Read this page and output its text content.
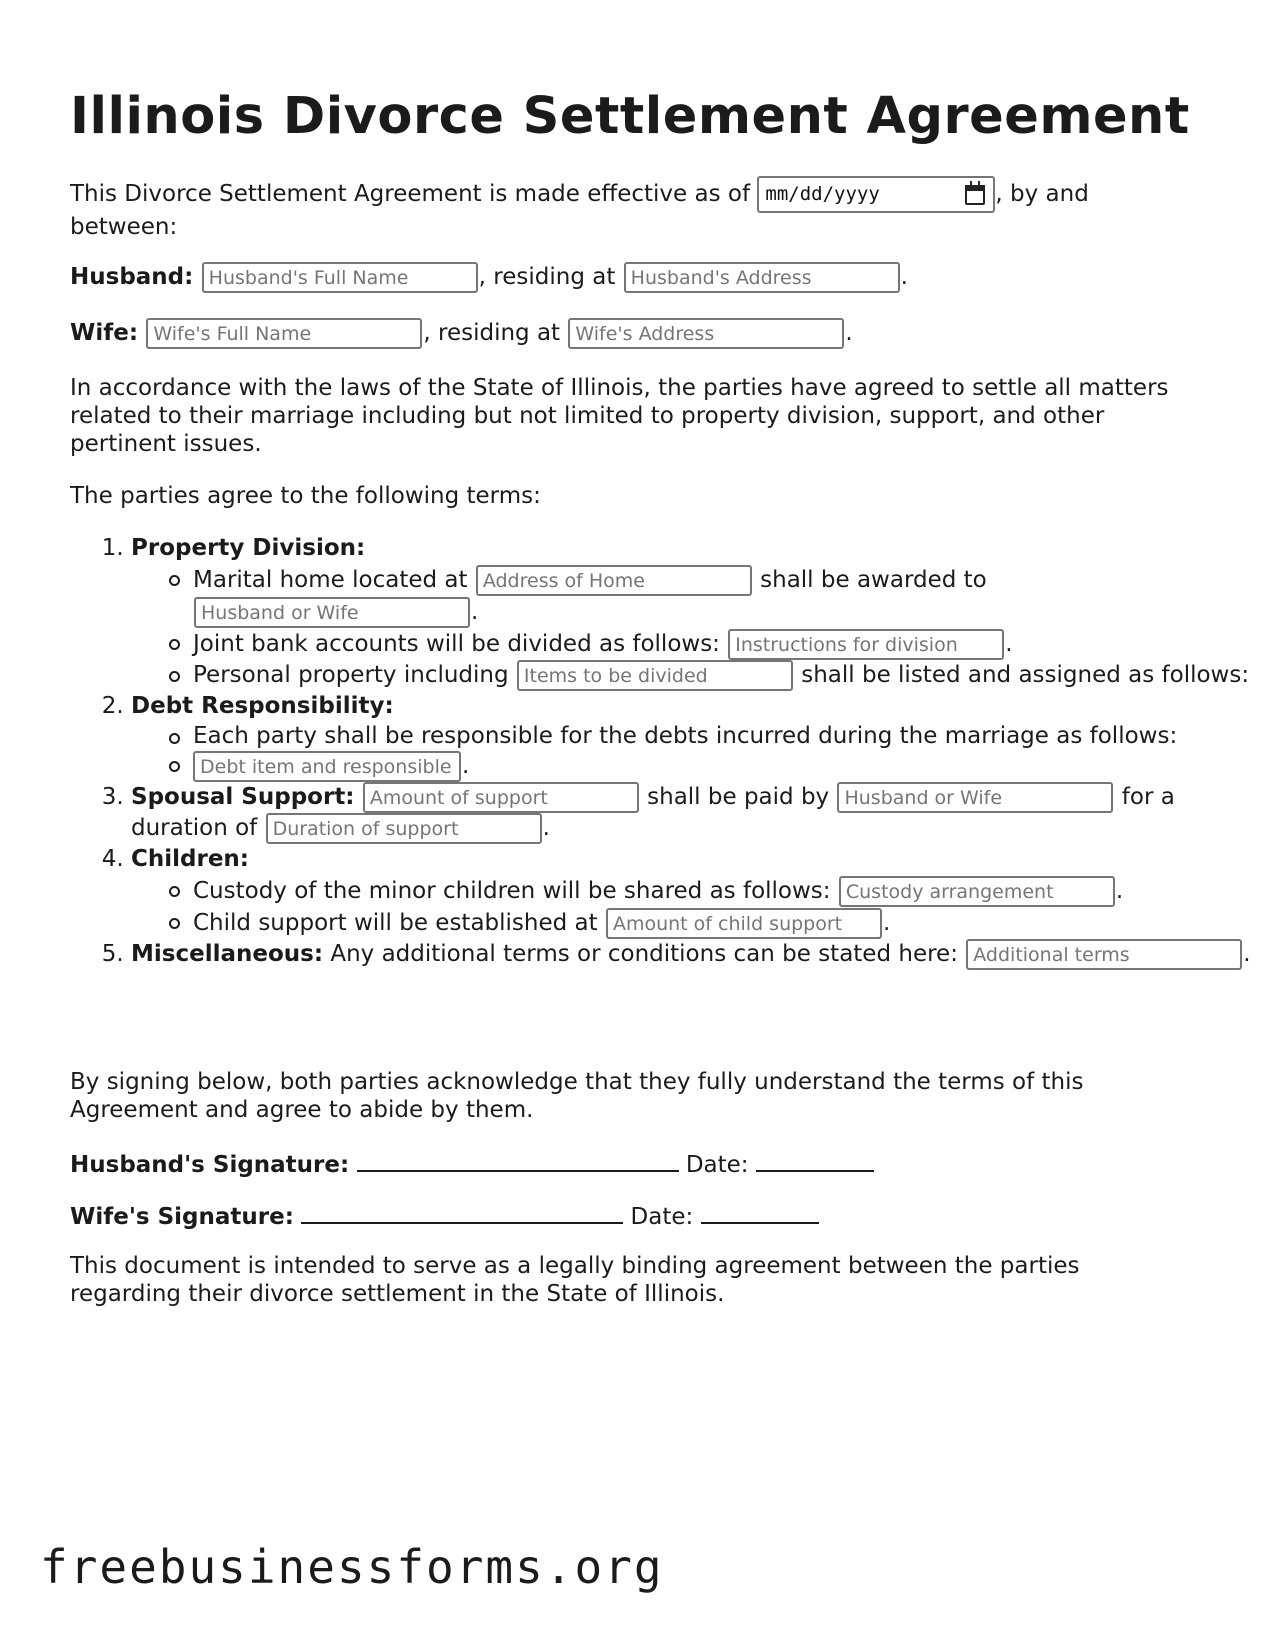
Illinois Divorce Settlement Agreement

This Divorce Settlement Agreement is made effective as of mm/dd/yyyy	, by and between:

Husband: Husband's Full Name	, residing at Husband's Address	.

Wife: Wife's Full Name	, residing at Wife's Address	.

In accordance with the laws of the State of Illinois, the parties have agreed to settle all matters related to their marriage including but not limited to property division, support, and other pertinent issues.

The parties agree to the following terms:

1. Property Division:
Marital home located at Address of Home	shall be awarded to Husband or Wife .
Joint bank accounts will be divided as follows: Instructions for division	.
Personal property including Items to be divided	shall be listed and assigned as follows:
2. Debt Responsibility:
Each party shall be responsible for the debts incurred during the marriage as follows:
Debt item and responsible .
3. Spousal Support: Amount of support	shall be paid by Husband or Wife	for a duration of Duration of support	.
4. Children:
Custody of the minor children will be shared as follows: Custody arrangement	.
Child support will be established at Amount of child support	.
5. Miscellaneous: Any additional terms or conditions can be stated here: Additional terms	.

By signing below, both parties acknowledge that they fully understand the terms of this Agreement and agree to abide by them.

Husband's Signature:	Date:

Wife's Signature:	Date:

This document is intended to serve as a legally binding agreement between the parties regarding their divorce settlement in the State of Illinois.

freebusinessforms.org
